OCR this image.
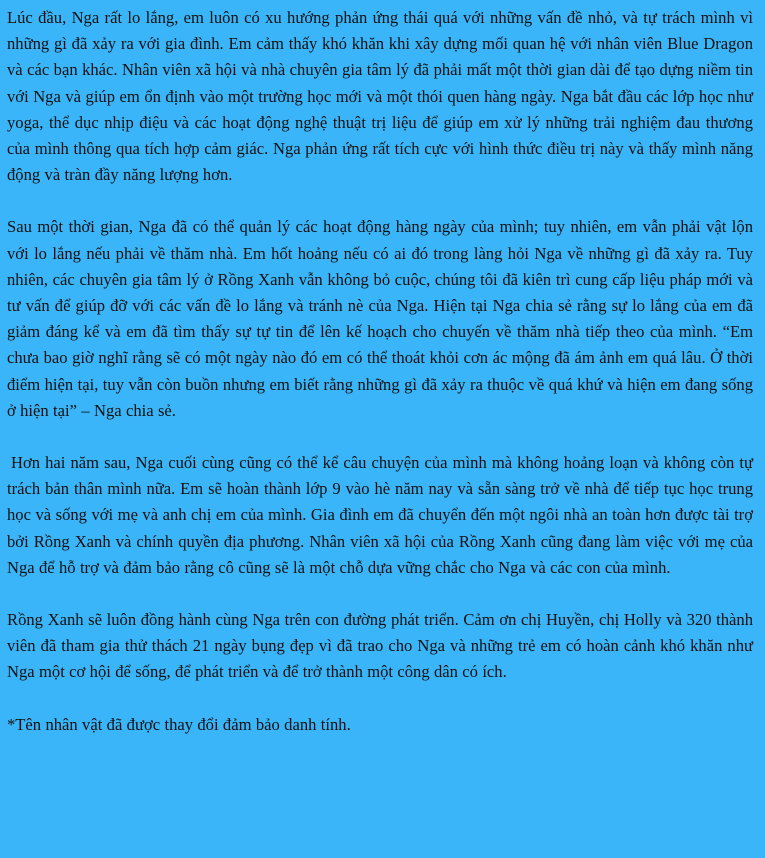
Lúc đầu, Nga rất lo lắng, em luôn có xu hướng phản ứng thái quá với những vấn đề nhỏ, và tự trách mình vì những gì đã xảy ra với gia đình. Em cảm thấy khó khăn khi xây dựng mối quan hệ với nhân viên Blue Dragon và các bạn khác. Nhân viên xã hội và nhà chuyên gia tâm lý đã phải mất một thời gian dài để tạo dựng niềm tin với Nga và giúp em ổn định vào một trường học mới và một thói quen hàng ngày. Nga bắt đầu các lớp học như yoga, thể dục nhịp điệu và các hoạt động nghệ thuật trị liệu để giúp em xử lý những trải nghiệm đau thương của mình thông qua tích hợp cảm giác. Nga phản ứng rất tích cực với hình thức điều trị này và thấy mình năng động và tràn đầy năng lượng hơn.

Sau một thời gian, Nga đã có thể quản lý các hoạt động hàng ngày của mình; tuy nhiên, em vẫn phải vật lộn với lo lắng nếu phải về thăm nhà. Em hốt hoảng nếu có ai đó trong làng hỏi Nga về những gì đã xảy ra. Tuy nhiên, các chuyên gia tâm lý ở Rồng Xanh vẫn không bỏ cuộc, chúng tôi đã kiên trì cung cấp liệu pháp mới và tư vấn để giúp đỡ với các vấn đề lo lắng và tránh nè của Nga. Hiện tại Nga chia sẻ rằng sự lo lắng của em đã giảm đáng kể và em đã tìm thấy sự tự tin để lên kế hoạch cho chuyến về thăm nhà tiếp theo của mình. “Em chưa bao giờ nghĩ rằng sẽ có một ngày nào đó em có thể thoát khỏi cơn ác mộng đã ám ảnh em quá lâu. Ở thời điểm hiện tại, tuy vẫn còn buồn nhưng em biết rằng những gì đã xảy ra thuộc về quá khứ và hiện em đang sống ở hiện tại” – Nga chia sẻ.

Hơn hai năm sau, Nga cuối cùng cũng có thể kể câu chuyện của mình mà không hoảng loạn và không còn tự trách bản thân mình nữa. Em sẽ hoàn thành lớp 9 vào hè năm nay và sẵn sàng trở về nhà để tiếp tục học trung học và sống với mẹ và anh chị em của mình. Gia đình em đã chuyển đến một ngôi nhà an toàn hơn được tài trợ bởi Rồng Xanh và chính quyền địa phương. Nhân viên xã hội của Rồng Xanh cũng đang làm việc với mẹ của Nga để hỗ trợ và đảm bảo rằng cô cũng sẽ là một chỗ dựa vững chắc cho Nga và các con của mình.

Rồng Xanh sẽ luôn đồng hành cùng Nga trên con đường phát triển. Cảm ơn chị Huyền, chị Holly và 320 thành viên đã tham gia thử thách 21 ngày bụng đẹp vì đã trao cho Nga và những trẻ em có hoàn cảnh khó khăn như Nga một cơ hội để sống, để phát triển và để trở thành một công dân có ích.

*Tên nhân vật đã được thay đổi đảm bảo danh tính.
